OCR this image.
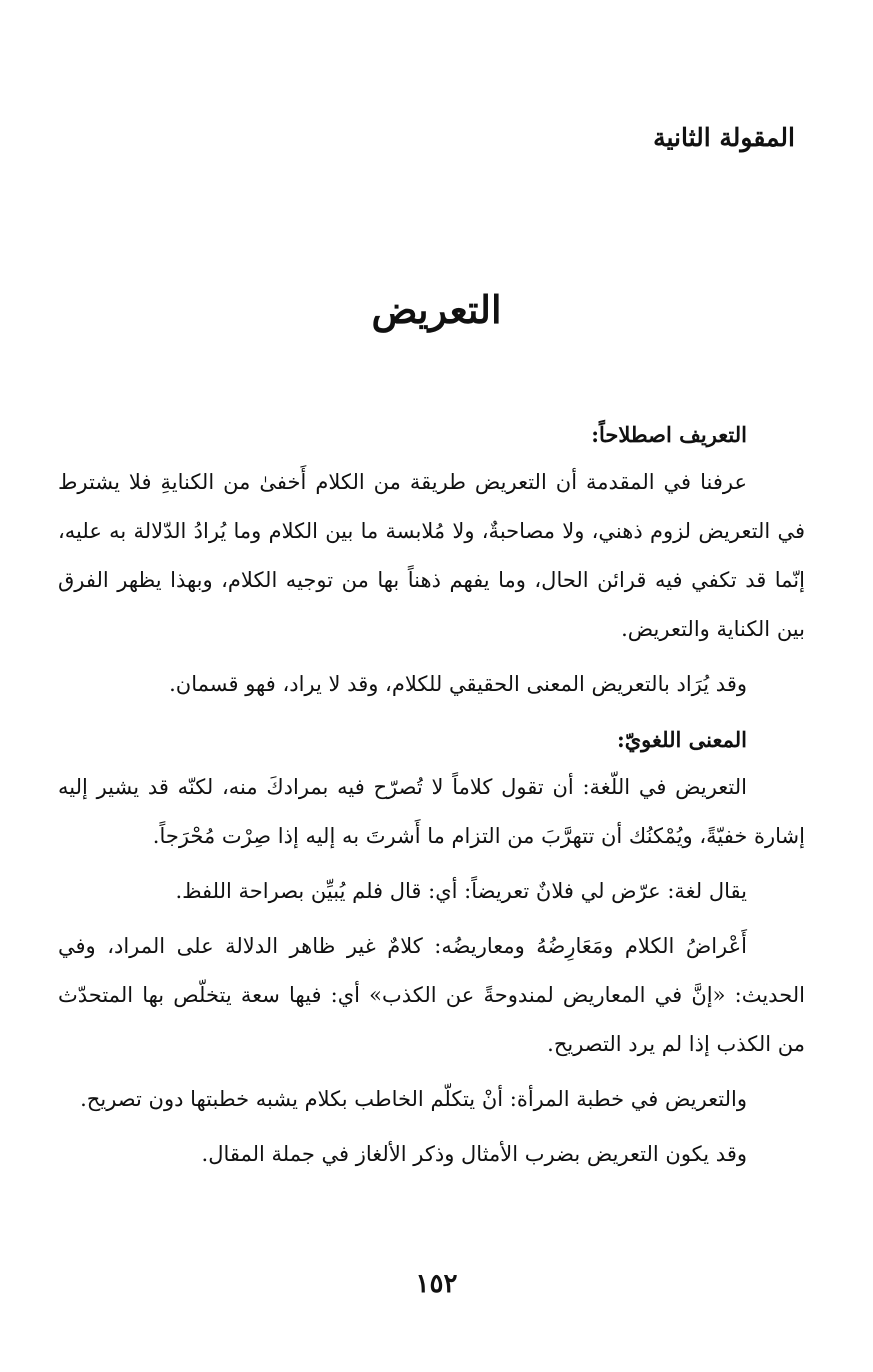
المقولة الثانية
التعريض
التعريف اصطلاحاً:

عرفنا في المقدمة أن التعريض طريقة من الكلام أَخفىٰ من الكنايةِ فلا يشترط في التعريض لزوم ذهني، ولا مصاحبةٌ، ولا مُلابسة ما بين الكلام وما يُرادُ الدّلالة به عليه، إنّما قد تكفي فيه قرائن الحال، وما يفهم ذهناً بها من توجيه الكلام، وبهذا يظهر الفرق بين الكناية والتعريض.

وقد يُرَاد بالتعريض المعنى الحقيقي للكلام، وقد لا يراد، فهو قسمان.

المعنى اللغويّ:

التعريض في اللّغة: أن تقول كلاماً لا تُصرّح فيه بمرادكَ منه، لكنّه قد يشير إليه إشارة خفيّةً، ويُمْكنُك أن تتهرَّبَ من التزام ما أَشرتَ به إليه إذا صِرْت مُحْرَجاً.

يقال لغة: عرّض لي فلانٌ تعريضاً: أي: قال فلم يُبيِّن بصراحة اللفظ.

أَعْراضُ الكلام ومَعَارِضُهُ ومعاريضُه: كلامٌ غير ظاهر الدلالة على المراد، وفي الحديث: «إنَّ في المعاريض لمندوحةً عن الكذب» أي: فيها سعة يتخلّص بها المتحدّث من الكذب إذا لم يرد التصريح.

والتعريض في خطبة المرأة: أنْ يتكلّم الخاطب بكلام يشبه خطبتها دون تصريح.

وقد يكون التعريض بضرب الأمثال وذكر الألغاز في جملة المقال.

١٥٢
